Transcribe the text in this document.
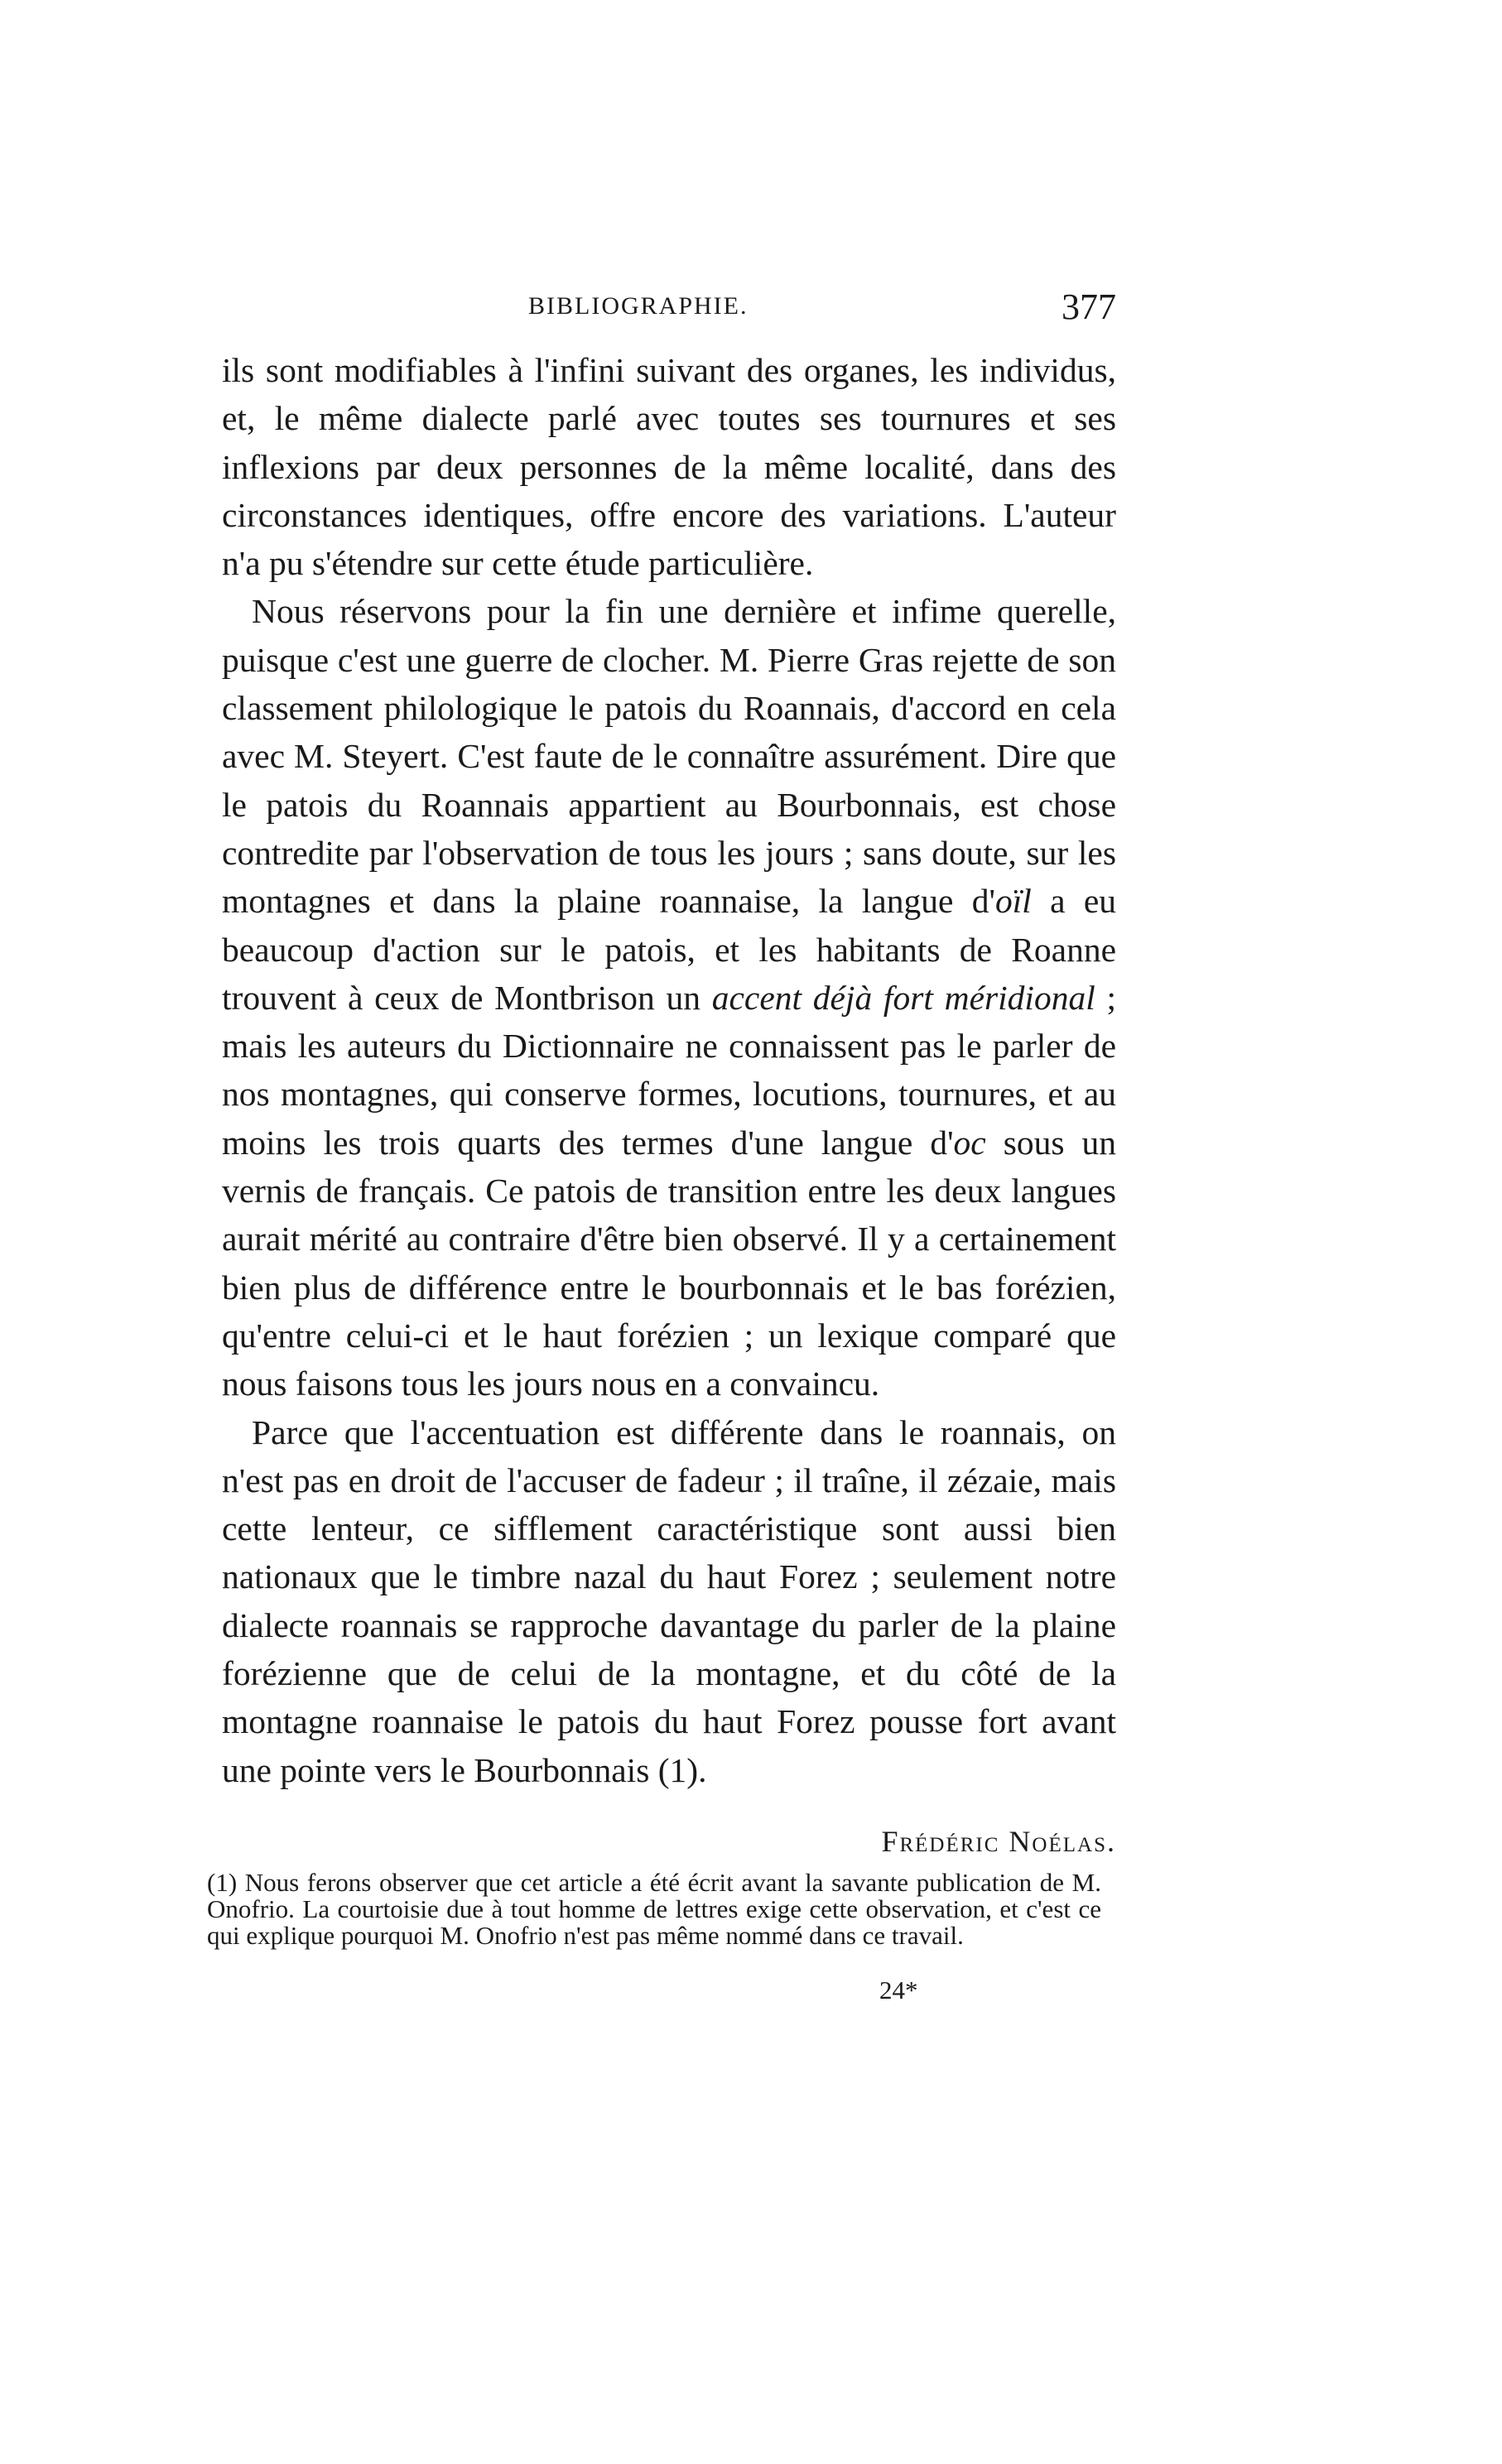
BIBLIOGRAPHIE.	377

ils sont modifiables à l'infini suivant des organes, les individus, et, le même dialecte parlé avec toutes ses tournures et ses inflexions par deux personnes de la même localité, dans des circonstances identiques, offre encore des variations. L'auteur n'a pu s'étendre sur cette étude particulière.

Nous réservons pour la fin une dernière et infime querelle, puisque c'est une guerre de clocher. M. Pierre Gras rejette de son classement philologique le patois du Roannais, d'accord en cela avec M. Steyert. C'est faute de le connaître assurément. Dire que le patois du Roannais appartient au Bourbonnais, est chose contredite par l'observation de tous les jours ; sans doute, sur les montagnes et dans la plaine roannaise, la langue d'oïl a eu beaucoup d'action sur le patois, et les habitants de Roanne trouvent à ceux de Montbrison un accent déjà fort méridional ; mais les auteurs du Dictionnaire ne connaissent pas le parler de nos montagnes, qui conserve formes, locutions, tournures, et au moins les trois quarts des termes d'une langue d'oc sous un vernis de français. Ce patois de transition entre les deux langues aurait mérité au contraire d'être bien observé. Il y a certainement bien plus de différence entre le bourbonnais et le bas forézien, qu'entre celui-ci et le haut forézien ; un lexique comparé que nous faisons tous les jours nous en a convaincu.

Parce que l'accentuation est différente dans le roannais, on n'est pas en droit de l'accuser de fadeur ; il traîne, il zézaie, mais cette lenteur, ce sifflement caractéristique sont aussi bien nationaux que le timbre nazal du haut Forez ; seulement notre dialecte roannais se rapproche davantage du parler de la plaine forézienne que de celui de la montagne, et du côté de la montagne roannaise le patois du haut Forez pousse fort avant une pointe vers le Bourbonnais (1).

Frédéric Noélas.
(1) Nous ferons observer que cet article a été écrit avant la savante publication de M. Onofrio. La courtoisie due à tout homme de lettres exige cette observation, et c'est ce qui explique pourquoi M. Onofrio n'est pas même nommé dans ce travail.
24*
